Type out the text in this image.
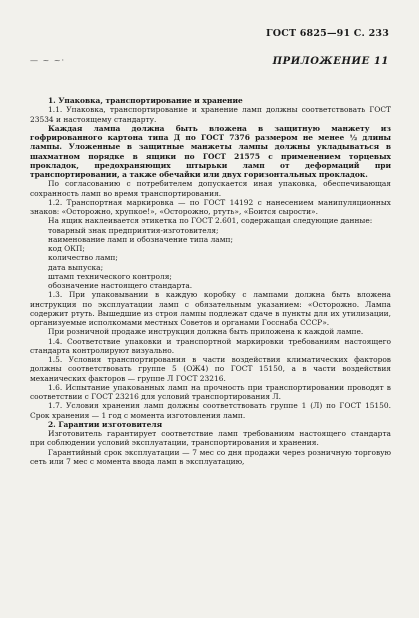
ГОСТ 6825—91 С. 233
— ~ ~·	ПРИЛОЖЕНИЕ 11

1. Упаковка, транспортирование и хранение

1.1. Упаковка, транспортирование и хранение ламп должны соответствовать ГОСТ 23534 и настоящему стандарту.

Каждая лампа должна быть вложена в защитную манжету из гофрированного картона типа Д по ГОСТ 7376 размером не менее ½ длины лампы. Уложенные в защитные манжеты лампы должны укладываться в шахматном порядке в ящики по ГОСТ 21575 с применением торцевых прокладок, предохраняющих штырьки ламп от деформаций при транспортировании, а также обечайки или двух горизонтальных прокладок.

По согласованию с потребителем допускается иная упаковка, обеспечивающая сохранность ламп во время транспортирования.

1.2. Транспортная маркировка — по ГОСТ 14192 с нанесением манипуляционных знаков: «Осторожно, хрупкое!», «Осторожно, ртуть», «Боится сырости».

На ящик наклеивается этикетка по ГОСТ 2.601, содержащая следующие данные:

товарный знак предприятия-изготовителя;

наименование ламп и обозначение типа ламп;

код ОКП;

количество ламп;

дата выпуска;

штамп технического контроля;

обозначение настоящего стандарта.

1.3. При упаковывании в каждую коробку с лампами должна быть вложена инструкция по эксплуатации ламп с обязательным указанием: «Осторожно. Лампа содержит ртуть. Вышедшие из строя лампы подлежат сдаче в пункты для их утилизации, организуемые исполкомами местных Советов и органами Госснаба СССР».

При розничной продаже инструкция должна быть приложена к каждой лампе.

1.4. Соответствие упаковки и транспортной маркировки требованиям настоящего стандарта контролируют визуально.

1.5. Условия транспортирования в части воздействия климатических факторов должны соответствовать группе 5 (ОЖ4) по ГОСТ 15150, а в части воздействия механических факторов — группе Л ГОСТ 23216.

1.6. Испытание упакованных ламп на прочность при транспортировании проводят в соответствии с ГОСТ 23216 для условий транспортирования Л.

1.7. Условия хранения ламп должны соответствовать группе 1 (Л) по ГОСТ 15150. Срок хранения — 1 год с момента изготовления ламп.

2. Гарантии изготовителя

Изготовитель гарантирует соответствие ламп требованиям настоящего стандарта при соблюдении условий эксплуатации, транспортирования и хранения.

Гарантийный срок эксплуатации — 7 мес со дня продажи через розничную торговую сеть или 7 мес с момента ввода ламп в эксплуатацию,
